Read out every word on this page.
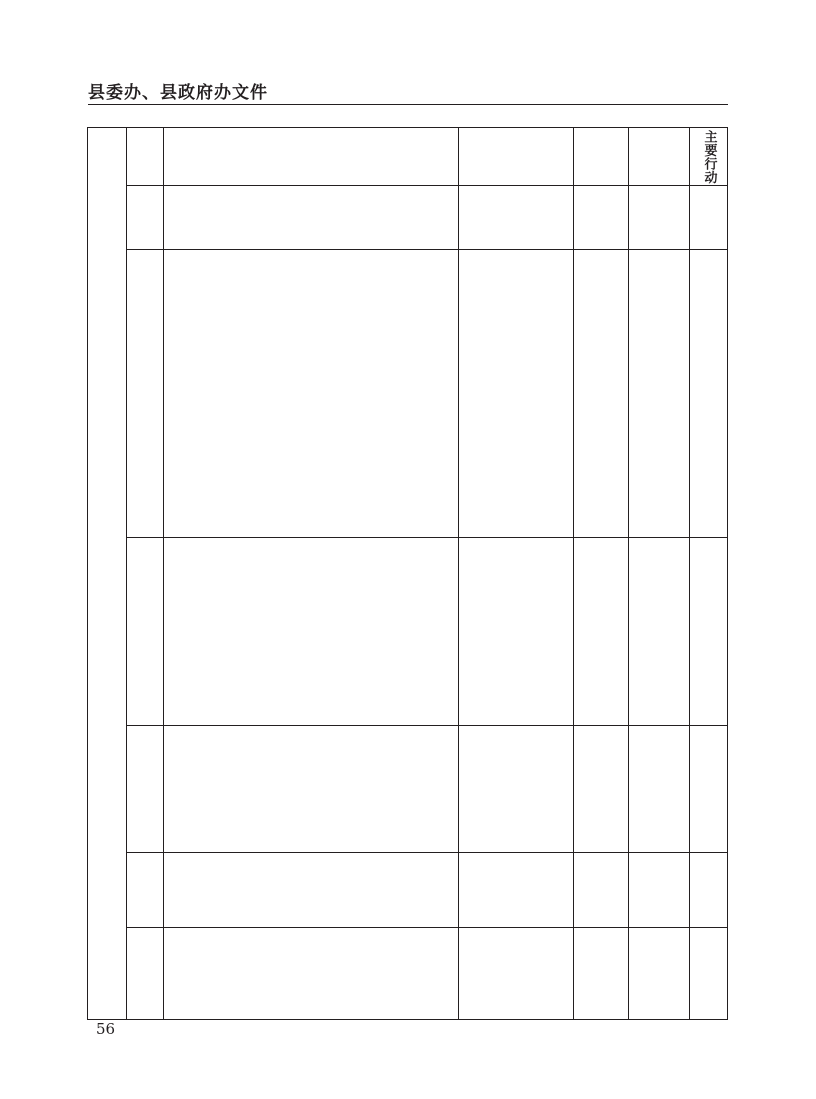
县委办、县政府办文件
主要行动
56
